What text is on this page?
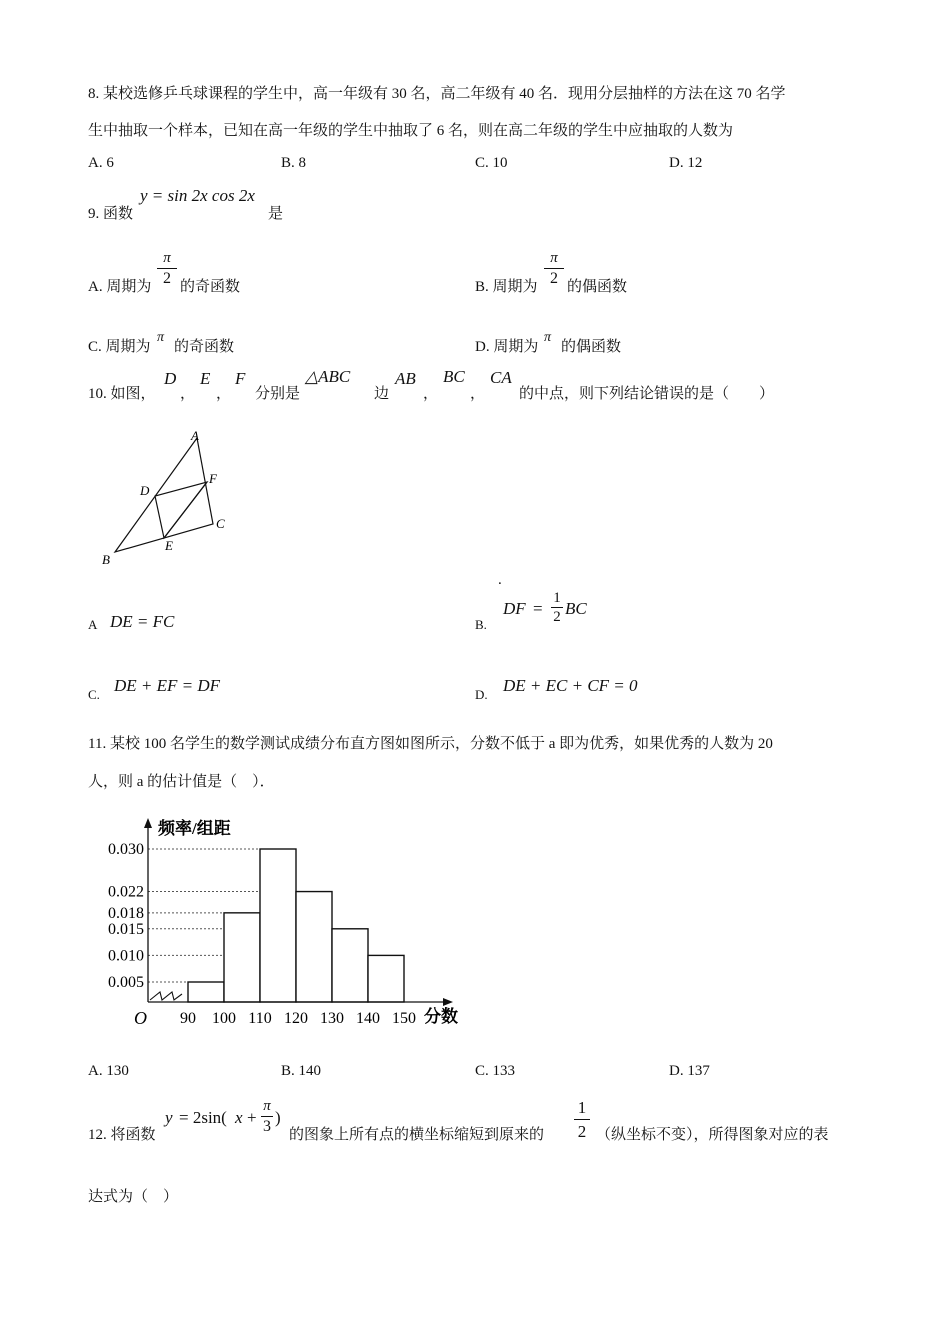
8. 某校选修乒乓球课程的学生中，高一年级有 30 名，高二年级有 40 名．现用分层抽样的方法在这 70 名学
生中抽取一个样本，已知在高一年级的学生中抽取了 6 名，则在高二年级的学生中应抽取的人数为
A. 6	B. 8	C. 10	D. 12
9. 函数
y = sin 2x cos 2x
是
A. 周期为
π
2 的奇函数	B. 周期为
π
2 的偶函数
C. 周期为
π
的奇函数	D. 周期为
π
的偶函数
10. 如图，
D
，
E
，
F
分别是
△ABC
边
AB
，
BC
，
CA
的中点，则下列结论错误的是（　　）
A
B
C
D
E
F
.
A DE = FC	B.
DF =
1
2 BC
C. DE + EF = DF	D. DE + EC + CF = 0
11. 某校 100 名学生的数学测试成绩分布直方图如图所示，分数不低于 a 即为优秀，如果优秀的人数为 20
人，则 a 的估计值是（　）．
0.030
0.022
0.018
0.015
0.010
0.005
90 100 110 120 130 140 150
频率/组距
分数
O
A. 130	B. 140	C. 133	D. 137
12. 将函数
y = 2sin( x +
π
3 )
的图象上所有点的横坐标缩短到原来的
1
2 （纵坐标不变），所得图象对应的表
达式为（　）
